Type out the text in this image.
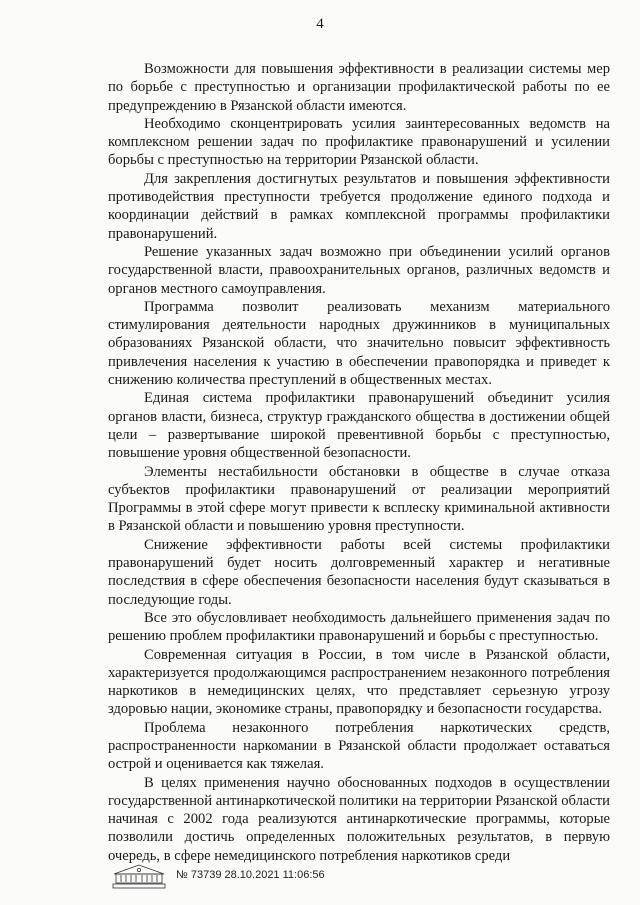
4

Возможности для повышения эффективности в реализации системы мер по борьбе с преступностью и организации профилактической работы по ее предупреждению в Рязанской области имеются.

Необходимо сконцентрировать усилия заинтересованных ведомств на комплексном решении задач по профилактике правонарушений и усилении борьбы с преступностью на территории Рязанской области.

Для закрепления достигнутых результатов и повышения эффективности противодействия преступности требуется продолжение единого подхода и координации действий в рамках комплексной программы профилактики правонарушений.

Решение указанных задач возможно при объединении усилий органов государственной власти, правоохранительных органов, различных ведомств и органов местного самоуправления.

Программа позволит реализовать механизм материального стимулирования деятельности народных дружинников в муниципальных образованиях Рязанской области, что значительно повысит эффективность привлечения населения к участию в обеспечении правопорядка и приведет к снижению количества преступлений в общественных местах.

Единая система профилактики правонарушений объединит усилия органов власти, бизнеса, структур гражданского общества в достижении общей цели – развертывание широкой превентивной борьбы с преступностью, повышение уровня общественной безопасности.

Элементы нестабильности обстановки в обществе в случае отказа субъектов профилактики правонарушений от реализации мероприятий Программы в этой сфере могут привести к всплеску криминальной активности в Рязанской области и повышению уровня преступности.

Снижение эффективности работы всей системы профилактики правонарушений будет носить долговременный характер и негативные последствия в сфере обеспечения безопасности населения будут сказываться в последующие годы.

Все это обусловливает необходимость дальнейшего применения задач по решению проблем профилактики правонарушений и борьбы с преступностью.

Современная ситуация в России, в том числе в Рязанской области, характеризуется продолжающимся распространением незаконного потребления наркотиков в немедицинских целях, что представляет серьезную угрозу здоровью нации, экономике страны, правопорядку и безопасности государства.

Проблема незаконного потребления наркотических средств, распространенности наркомании в Рязанской области продолжает оставаться острой и оценивается как тяжелая.

В целях применения научно обоснованных подходов в осуществлении государственной антинаркотической политики на территории Рязанской области начиная с 2002 года реализуются антинаркотические программы, которые позволили достичь определенных положительных результатов, в первую очередь, в сфере немедицинского потребления наркотиков среди

№ 73739 28.10.2021 11:06:56
